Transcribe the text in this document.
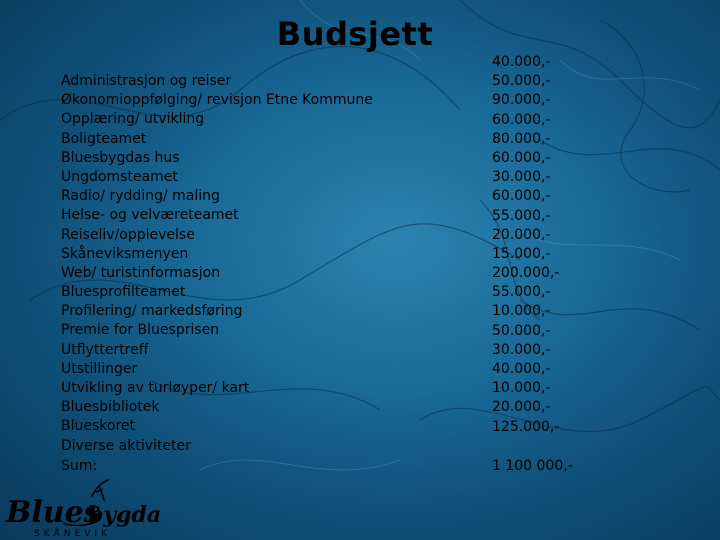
Budsjett
Administrasjon og reiser
Økonomioppfølging/ revisjon Etne Kommune
Opplæring/ utvikling
Boligteamet
Bluesbygdas hus
Ungdomsteamet
Radio/ rydding/ maling
Helse- og velværeteamet
Reiseliv/opplevelse
Skåneviksmenyen
Web/ turistinformasjon
Bluesprofilteamet
Profilering/ markedsføring
Premie for Bluesprisen
Utflyttertreff
Utstillinger
Utvikling av turløyper/ kart
Bluesbibliotek
Blueskoret
Diverse aktiviteter
40.000,-
50.000,-
90.000,-
60.000,-
80.000,-
60.000,-
30.000,-
60.000,-
55.000,-
20.000,-
15.000,-
200.000,-
55.000,-
10.000,-
50.000,-
30.000,-
40.000,-
10.000,-
20.000,-
125.000,-
Sum:	1 100 000,-
Blues
bygda
SKÅNEVIK
